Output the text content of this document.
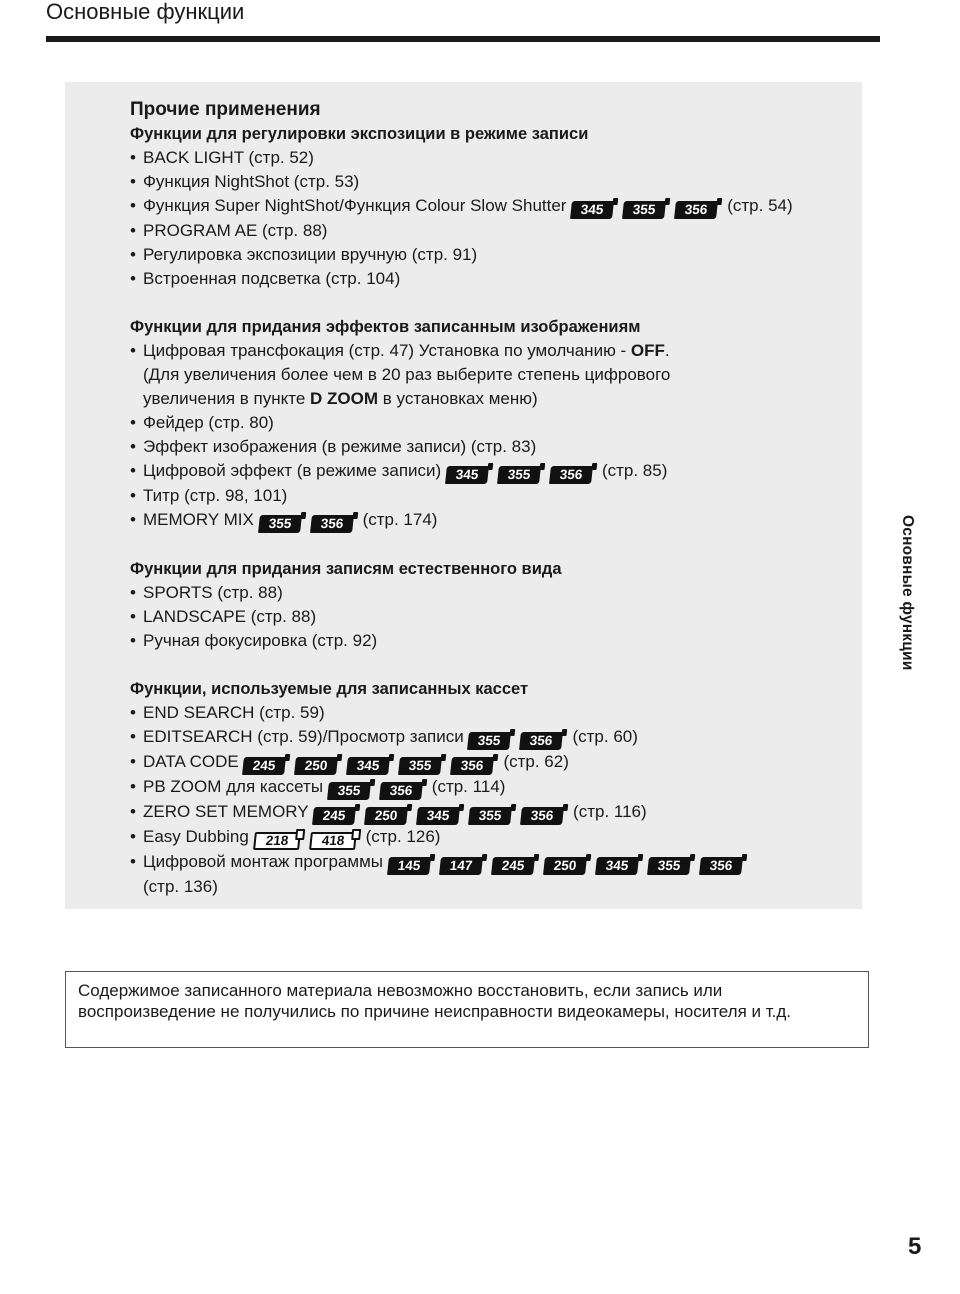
Основные функции
Прочие применения
Функции для регулировки экспозиции в режиме записи
• BACK LIGHT (стр. 52)
• Функция NightShot (стр. 53)
• Функция Super NightShot/Функция Colour Slow Shutter 345 355 356 (стр. 54)
• PROGRAM AE (стр. 88)
• Регулировка экспозиции вручную (стр. 91)
• Встроенная подсветка (стр. 104)
Функции для придания эффектов записанным изображениям
• Цифровая трансфокация (стр. 47) Установка по умолчанию - OFF.
(Для увеличения более чем в 20 раз выберите степень цифрового
увеличения в пункте D ZOOM в установках меню)
• Фейдер (стр. 80)
• Эффект изображения (в режиме записи) (стр. 83)
• Цифровой эффект (в режиме записи) 345 355 356 (стр. 85)
• Титр (стр. 98, 101)
• MEMORY MIX 355 356 (стр. 174)
Функции для придания записям естественного вида
• SPORTS (стр. 88)
• LANDSCAPE (стр. 88)
• Ручная фокусировка (стр. 92)
Функции, используемые для записанных кассет
• END SEARCH (стр. 59)
• EDITSEARCH (стр. 59)/Просмотр записи 355 356 (стр. 60)
• DATA CODE 245 250 345 355 356 (стр. 62)
• PB ZOOM для кассеты 355 356 (стр. 114)
• ZERO SET MEMORY 245 250 345 355 356 (стр. 116)
• Easy Dubbing 218 418 (стр. 126)
• Цифровой монтаж программы 145 147 245 250 345 355 356
(стр. 136)
Основные функции
Содержимое записанного материала невозможно восстановить, если запись или воспроизведение не получились по причине неисправности видеокамеры, носителя и т.д.
5
